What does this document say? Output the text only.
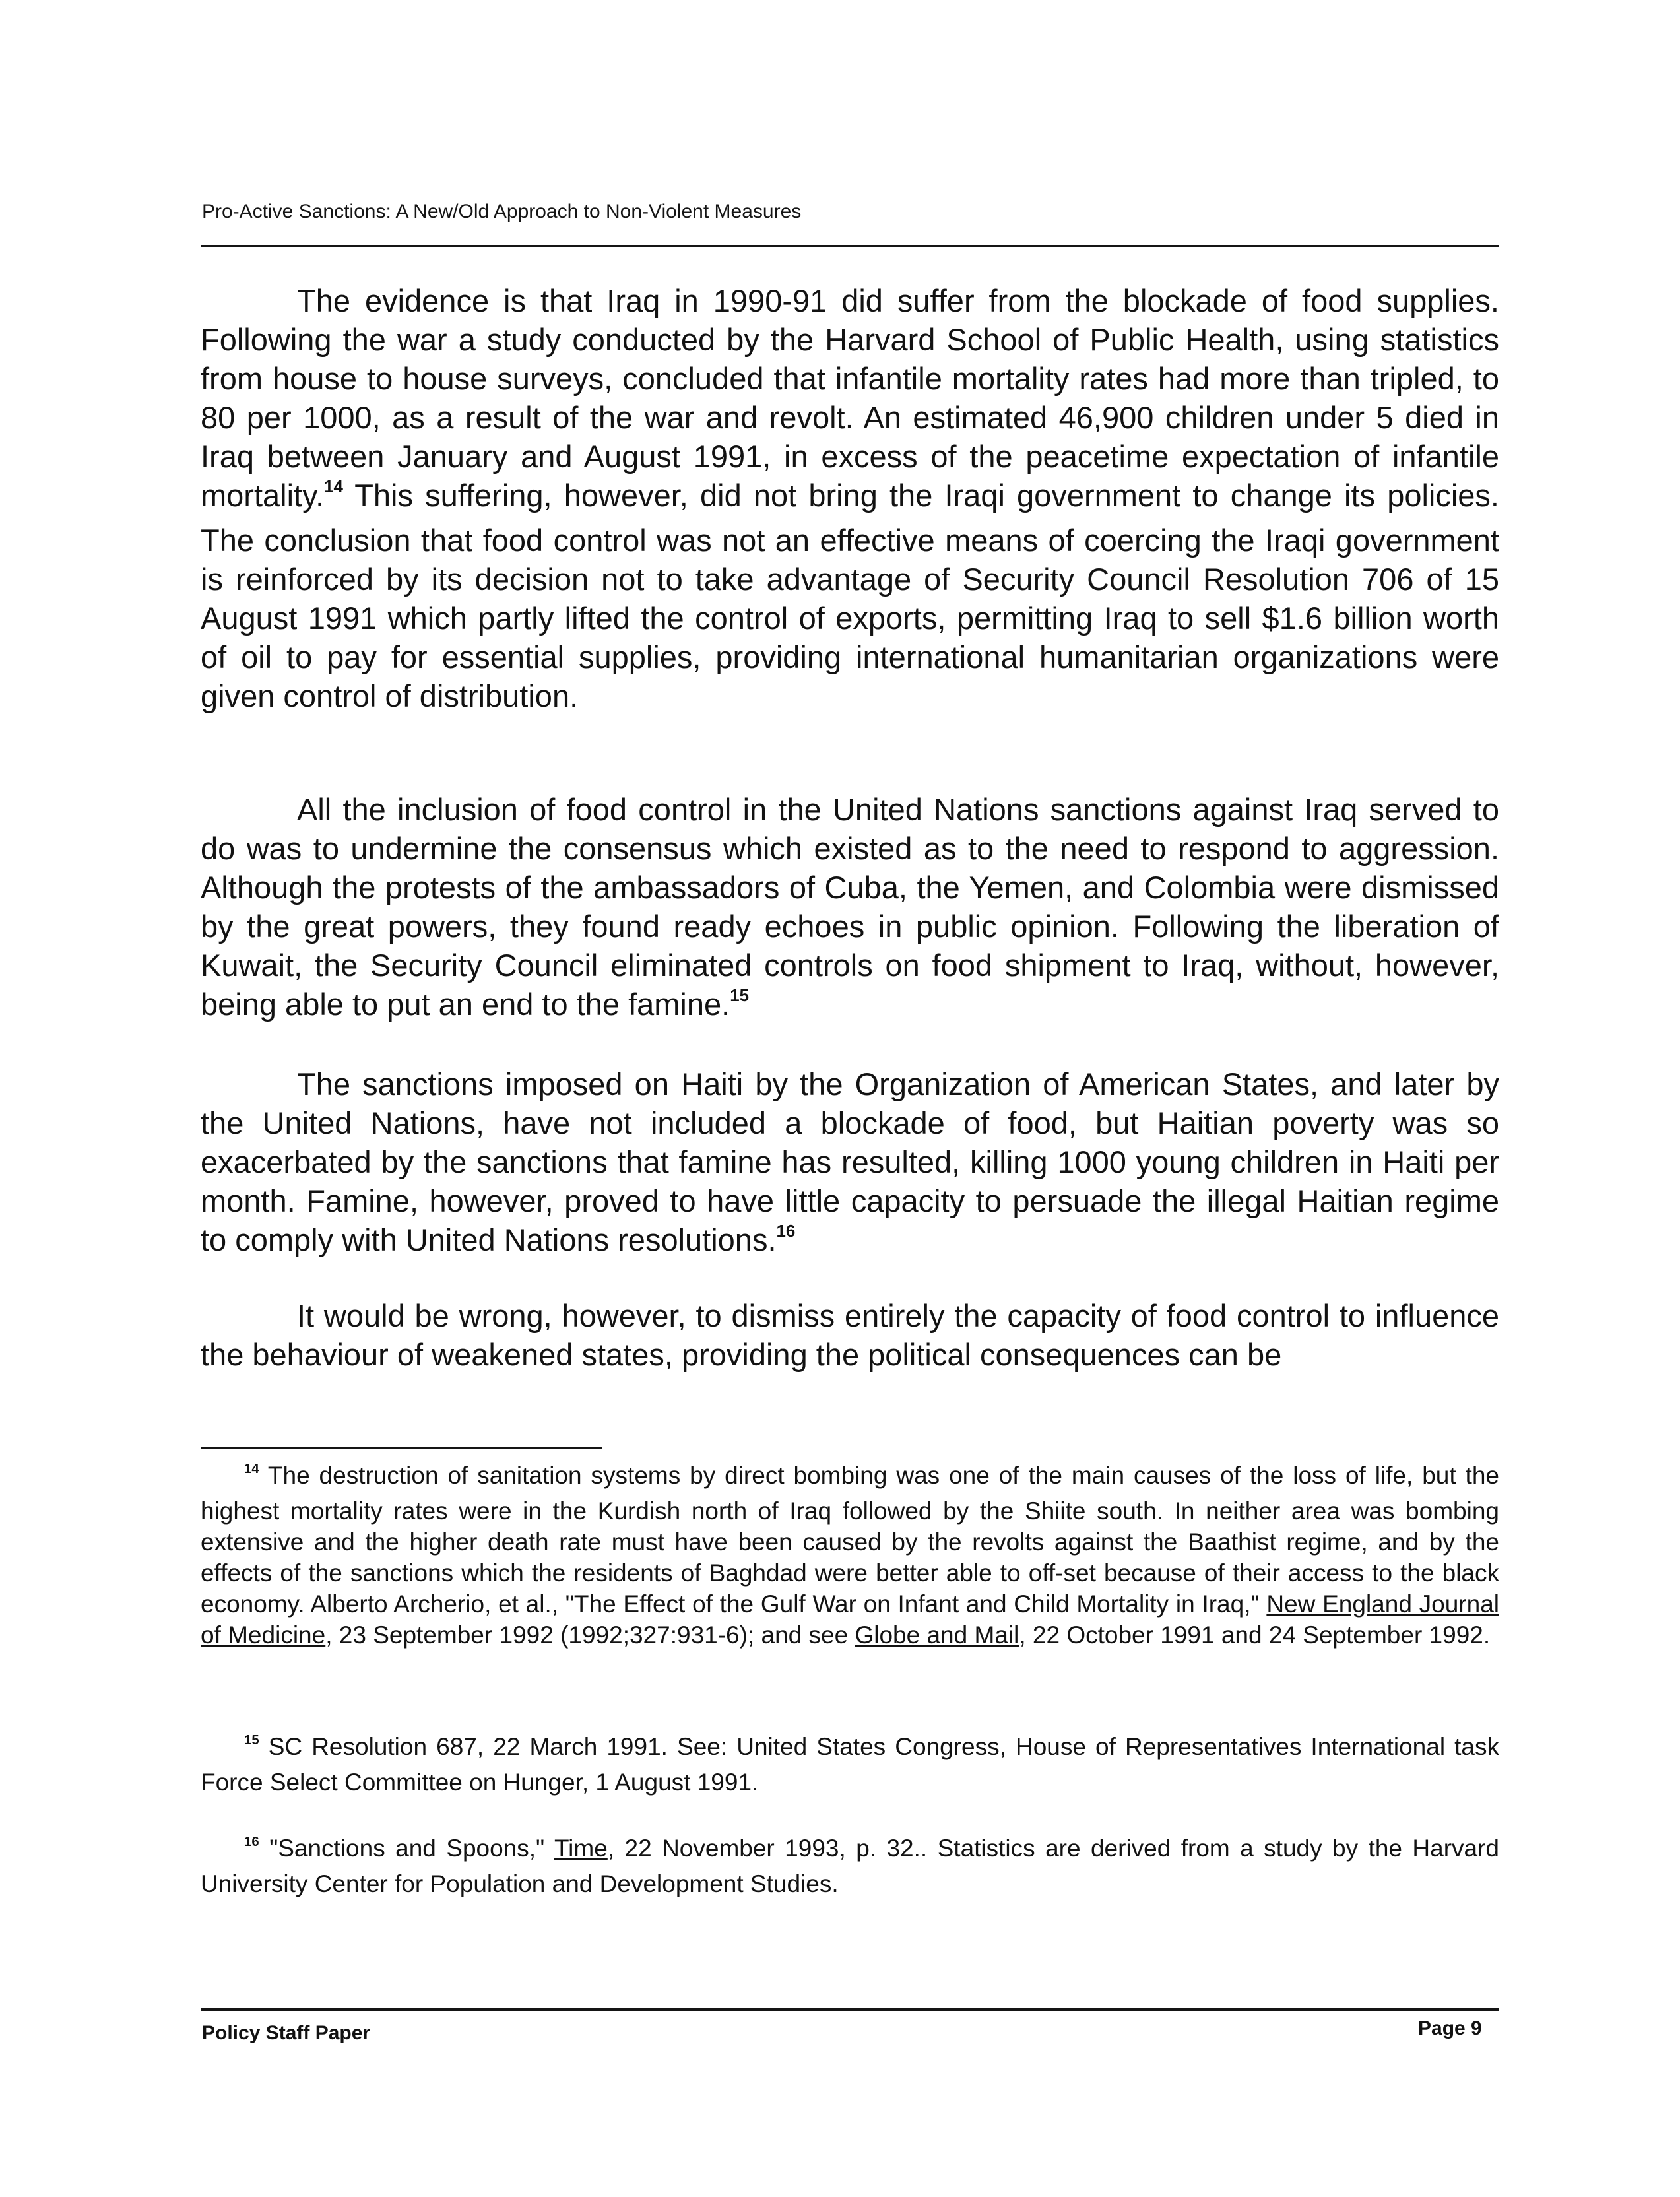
Pro-Active Sanctions: A New/Old Approach to Non-Violent Measures

The evidence is that Iraq in 1990-91 did suffer from the blockade of food supplies. Following the war a study conducted by the Harvard School of Public Health, using statistics from house to house surveys, concluded that infantile mortality rates had more than tripled, to 80 per 1000, as a result of the war and revolt. An estimated 46,900 children under 5 died in Iraq between January and August 1991, in excess of the peacetime expectation of infantile mortality.$^{14}$ This suffering, however, did not bring the Iraqi government to change its policies. The conclusion that food control was not an effective means of coercing the Iraqi government is reinforced by its decision not to take advantage of Security Council Resolution 706 of 15 August 1991 which partly lifted the control of exports, permitting Iraq to sell $1.6 billion worth of oil to pay for essential supplies, providing international humanitarian organizations were given control of distribution.

All the inclusion of food control in the United Nations sanctions against Iraq served to do was to undermine the consensus which existed as to the need to respond to aggression. Although the protests of the ambassadors of Cuba, the Yemen, and Colombia were dismissed by the great powers, they found ready echoes in public opinion. Following the liberation of Kuwait, the Security Council eliminated controls on food shipment to Iraq, without, however, being able to put an end to the famine.$^{15}$

The sanctions imposed on Haiti by the Organization of American States, and later by the United Nations, have not included a blockade of food, but Haitian poverty was so exacerbated by the sanctions that famine has resulted, killing 1000 young children in Haiti per month. Famine, however, proved to have little capacity to persuade the illegal Haitian regime to comply with United Nations resolutions.$^{16}$

It would be wrong, however, to dismiss entirely the capacity of food control to influence the behaviour of weakened states, providing the political consequences can be

$^{14}$ The destruction of sanitation systems by direct bombing was one of the main causes of the loss of life, but the highest mortality rates were in the Kurdish north of Iraq followed by the Shiite south. In neither area was bombing extensive and the higher death rate must have been caused by the revolts against the Baathist regime, and by the effects of the sanctions which the residents of Baghdad were better able to off-set because of their access to the black economy. Alberto Archerio, et al., "The Effect of the Gulf War on Infant and Child Mortality in Iraq," New England Journal of Medicine, 23 September 1992 (1992;327:931-6); and see Globe and Mail, 22 October 1991 and 24 September 1992.

$^{15}$ SC Resolution 687, 22 March 1991. See: United States Congress, House of Representatives International task Force Select Committee on Hunger, 1 August 1991.

$^{16}$ "Sanctions and Spoons," Time, 22 November 1993, p. 32.. Statistics are derived from a study by the Harvard University Center for Population and Development Studies.

Policy Staff Paper	Page 9
